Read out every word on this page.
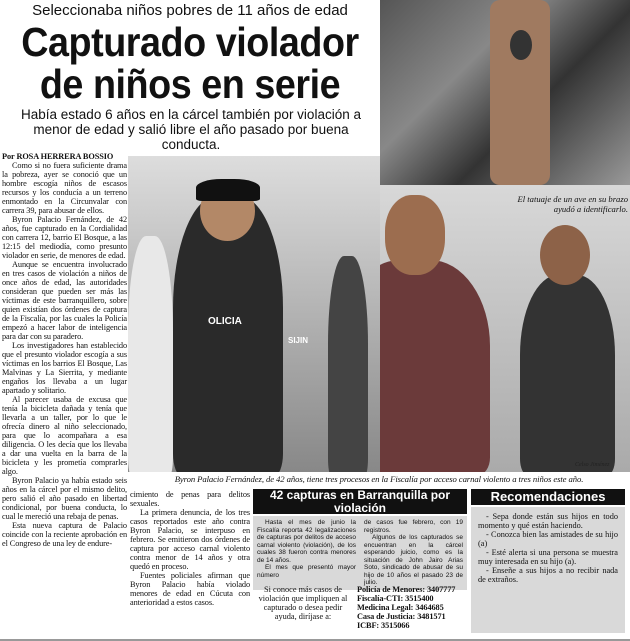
Seleccionaba niños pobres de 11 años de edad
Capturado violador
de niños en serie
Había estado 6 años en la cárcel también por violación a menor de edad y salió libre el año pasado por buena conducta.
OLICIA
SIJIN
El tatuaje de un ave en su brazo ayudó a identificarlo.
Celso Jiménez
Por ROSA HERRERA BOSSIO

Como si no fuera suficiente drama la pobreza, ayer se conoció que un hombre escogía niños de escasos recursos y los conducía a un terreno enmontado en la Circunvalar con carrera 39, para abusar de ellos.

Byron Palacio Fernández, de 42 años, fue capturado en la Cordialidad con carrera 12, barrio El Bosque, a las 12:15 del mediodía, como presunto violador en serie, de menores de edad.

Aunque se encuentra involucrado en tres casos de violación a niños de once años de edad, las autoridades consideran que pueden ser más las víctimas de este barranquillero, sobre quien existían dos órdenes de captura de la Fiscalía, por las cuales la Policía empezó a hacer labor de inteligencia para dar con su paradero.

Los investigadores han establecido que el presunto violador escogía a sus víctimas en los barrios El Bosque, Las Malvinas y La Sierrita, y mediante engaños los llevaba a un lugar apartado y solitario.

Al parecer usaba de excusa que tenía la bicicleta dañada y tenía que llevarla a un taller, por lo que le ofrecía dinero al niño seleccionado, para que lo acompañara a esa diligencia. O les decía que los llevaba a dar una vuelta en la barra de la bicicleta y les prometía comprarles algo.

Byron Palacio ya había estado seis años en la cárcel por el mismo delito, pero salió el año pasado en libertad condicional, por buena conducta, lo cual le mereció una rebaja de penas.

Esta nueva captura de Palacio coincide con la reciente aprobación en el Congreso de una ley de endure-

Byron Palacio Fernández, de 42 años, tiene tres procesos en la Fiscalía por acceso carnal violento a tres niños este año.

cimiento de penas para delitos sexuales.

La primera denuncia, de los tres casos reportados este año contra Byron Palacio, se interpuso en febrero. Se emitieron dos órdenes de captura por acceso carnal violento contra menor de 14 años y otra quedó en proceso.

Fuentes policiales afirman que Byron Palacio había violado menores de edad en Cúcuta con anterioridad a estos casos.

42 capturas en Barranquilla por violación

Hasta el mes de junio la Fiscalía reporta 42 legalizaciones de capturas por delitos de acceso carnal violento (violación), de los cuales 38 fueron contra menores de 14 años.

El mes que presentó mayor número

de casos fue febrero, con 19 registros.

Algunos de los capturados se encuentran en la cárcel esperando juicio, como es la situación de John Jairo Arias Soto, sindicado de abusar de su hijo de 10 años el pasado 23 de julio.

Si conoce más casos de violación que impliquen al capturado o desea pedir ayuda, diríjase a:
Policía de Menores: 3407777
Fiscalía-CTI: 3515400
Medicina Legal: 3464685
Casa de Justicia: 3481571
ICBF: 3515066
Recomendaciones

- Sepa donde están sus hijos en todo momento y qué están haciendo.

- Conozca bien las amistades de su hijo (a)

- Esté alerta si una persona se muestra muy interesada en su hijo (a).

- Enseñe a sus hijos a no recibir nada de extraños.
